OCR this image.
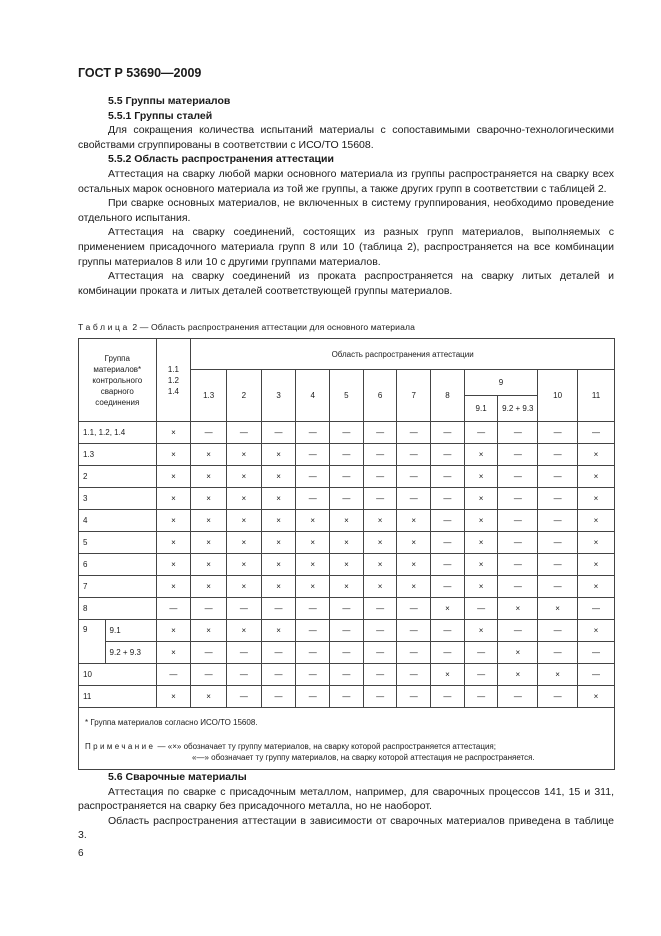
ГОСТ Р 53690—2009
5.5 Группы материалов
5.5.1 Группы сталей

Для сокращения количества испытаний материалы с сопоставимыми сварочно-технологическими свойствами сгруппированы в соответствии с ИСО/ТО 15608.

5.5.2 Область распространения аттестации

Аттестация на сварку любой марки основного материала из группы распространяется на сварку всех остальных марок основного материала из той же группы, а также других групп в соответствии с таблицей 2.

При сварке основных материалов, не включенных в систему группирования, необходимо проведение отдельного испытания.

Аттестация на сварку соединений, состоящих из разных групп материалов, выполняемых с применением присадочного материала групп 8 или 10 (таблица 2), распространяется на все комбинации группы материалов 8 или 10 с другими группами материалов.

Аттестация на сварку соединений из проката распространяется на сварку литых деталей и комбинации проката и литых деталей соответствующей группы материалов.

Таблица 2 — Область распространения аттестации для основного материала
Группа материалов* контрольного сварного соединения		1.1
1.2
1.4	Область распространения аттестации											
			1.3	2	3	4	5	6	7	8	9		10	11
											9.1	9.2 + 9.3		
1.1, 1.2, 1.4		×	—	—	—	—	—	—	—	—	—	—	—	—
1.3		×	×	×	×	—	—	—	—	—	×	—	—	×
2		×	×	×	×	—	—	—	—	—	×	—	—	×
3		×	×	×	×	—	—	—	—	—	×	—	—	×
4		×	×	×	×	×	×	×	×	—	×	—	—	×
5		×	×	×	×	×	×	×	×	—	×	—	—	×
6		×	×	×	×	×	×	×	×	—	×	—	—	×
7		×	×	×	×	×	×	×	×	—	×	—	—	×
8		—	—	—	—	—	—	—	—	×	—	×	×	—
9	9.1	×	×	×	×	—	—	—	—	—	×	—	—	×
	9.2 + 9.3	×	—	—	—	—	—	—	—	—	—	×	—	—
10		—	—	—	—	—	—	—	—	×	—	×	×	—
11		×	×	—	—	—	—	—	—	—	—	—	—	×
* Группа материалов согласно ИСО/ТО 15608.														

Примечание — «×» обозначает ту группу материалов, на сварку которой распространяется аттестация;
«—» обозначает ту группу материалов, на сварку которой аттестация не распространяется.														
5.6 Сварочные материалы

Аттестация по сварке с присадочным металлом, например, для сварочных процессов 141, 15 и 311, распространяется на сварку без присадочного металла, но не наоборот.

Область распространения аттестации в зависимости от сварочных материалов приведена в таблице 3.

6
